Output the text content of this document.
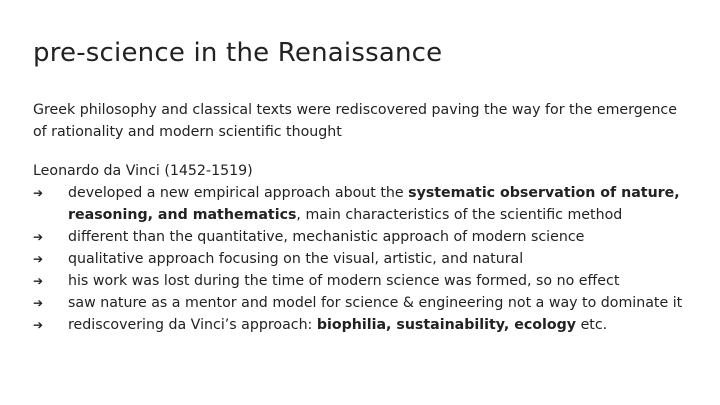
pre-science in the Renaissance
Greek philosophy and classical texts were rediscovered paving the way for the emergence of rationality and modern scientific thought
Leonardo da Vinci (1452-1519)
➔	developed a new empirical approach about the systematic observation of nature, reasoning, and mathematics, main characteristics of the scientific method
➔	different than the quantitative, mechanistic approach of modern science
➔	qualitative approach focusing on the visual, artistic, and natural
➔	his work was lost during the time of modern science was formed, so no effect
➔	saw nature as a mentor and model for science & engineering not a way to dominate it
➔	rediscovering da Vinci’s approach: biophilia, sustainability, ecology etc.
